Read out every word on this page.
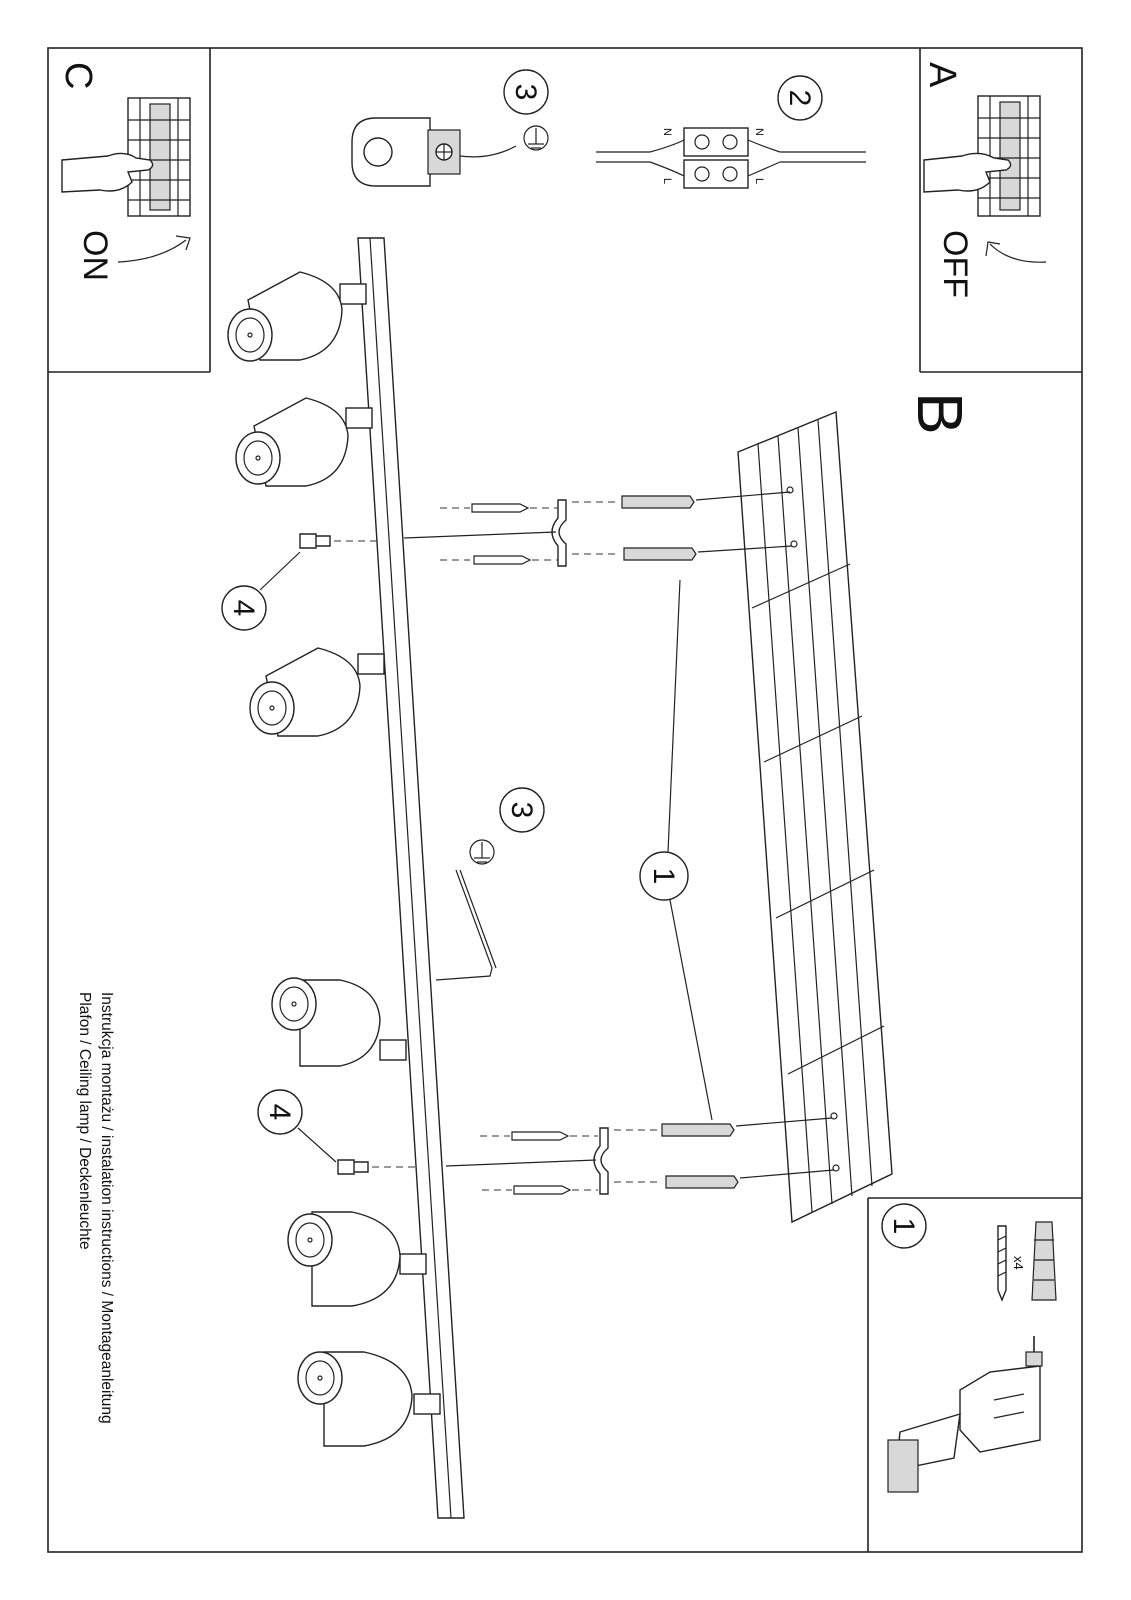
C
ON
A
OFF
B
3	2
N	N
L	L
4
4
1
3
1
x4
Instrukcja montażu / instalation instructions / Montageanleitung
Plafon / Ceiling lamp / Deckenleuchte
